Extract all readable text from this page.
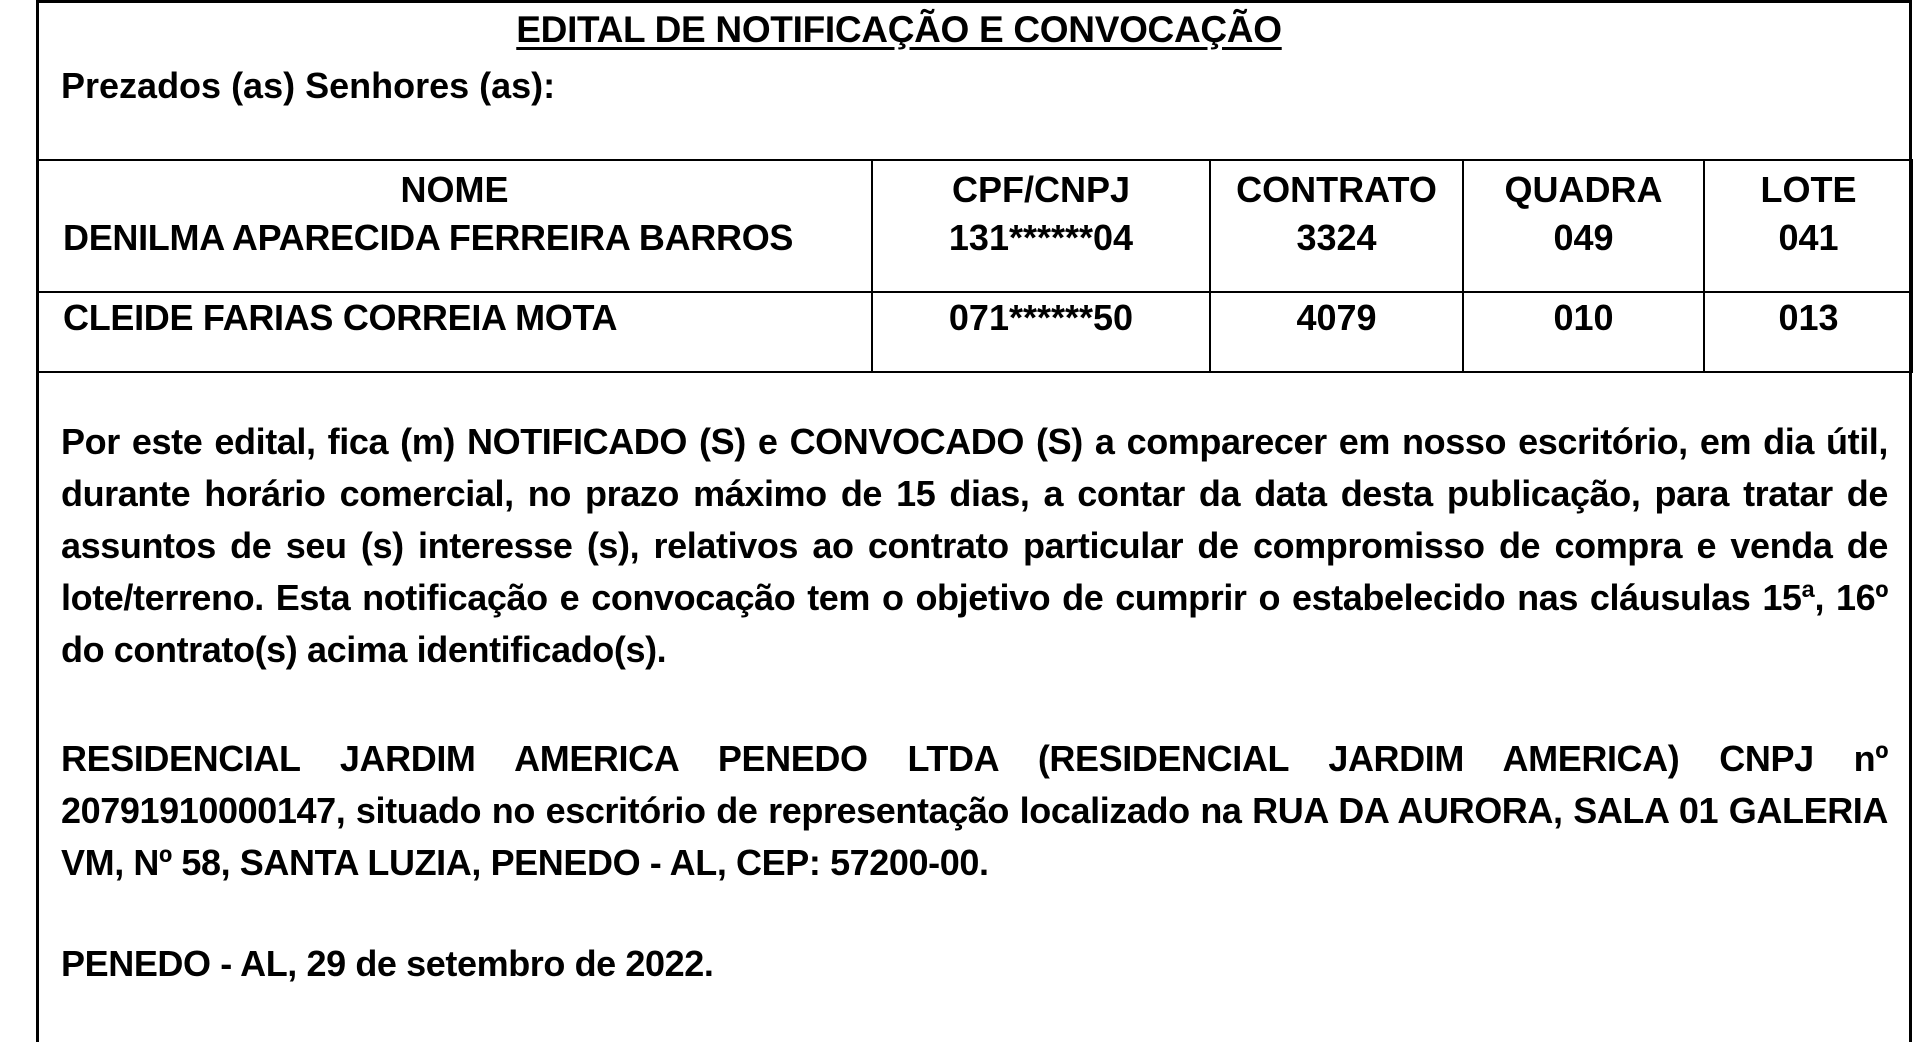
EDITAL DE NOTIFICAÇÃO E CONVOCAÇÃO
Prezados (as) Senhores (as):
NOME	CPF/CNPJ	CONTRATO	QUADRA	LOTE
DENILMA APARECIDA FERREIRA BARROS	131******04	3324	049	041
CLEIDE FARIAS CORREIA MOTA	071******50	4079	010	013
Por este edital, fica (m) NOTIFICADO (S) e CONVOCADO (S) a comparecer em nosso escritório, em dia útil, durante horário comercial, no prazo máximo de 15 dias, a contar da data desta publicação, para tratar de assuntos de seu (s) interesse (s), relativos ao contrato particular de compromisso de compra e venda de lote/terreno. Esta notificação e convocação tem o objetivo de cumprir o estabelecido nas cláusulas 15ª, 16º do contrato(s) acima identificado(s).
RESIDENCIAL JARDIM AMERICA PENEDO LTDA (RESIDENCIAL JARDIM AMERICA) CNPJ nº 20791910000147, situado no escritório de representação localizado na RUA DA AURORA, SALA 01 GALERIA VM, Nº 58, SANTA LUZIA, PENEDO - AL, CEP: 57200-00.
PENEDO - AL, 29 de setembro de 2022.
